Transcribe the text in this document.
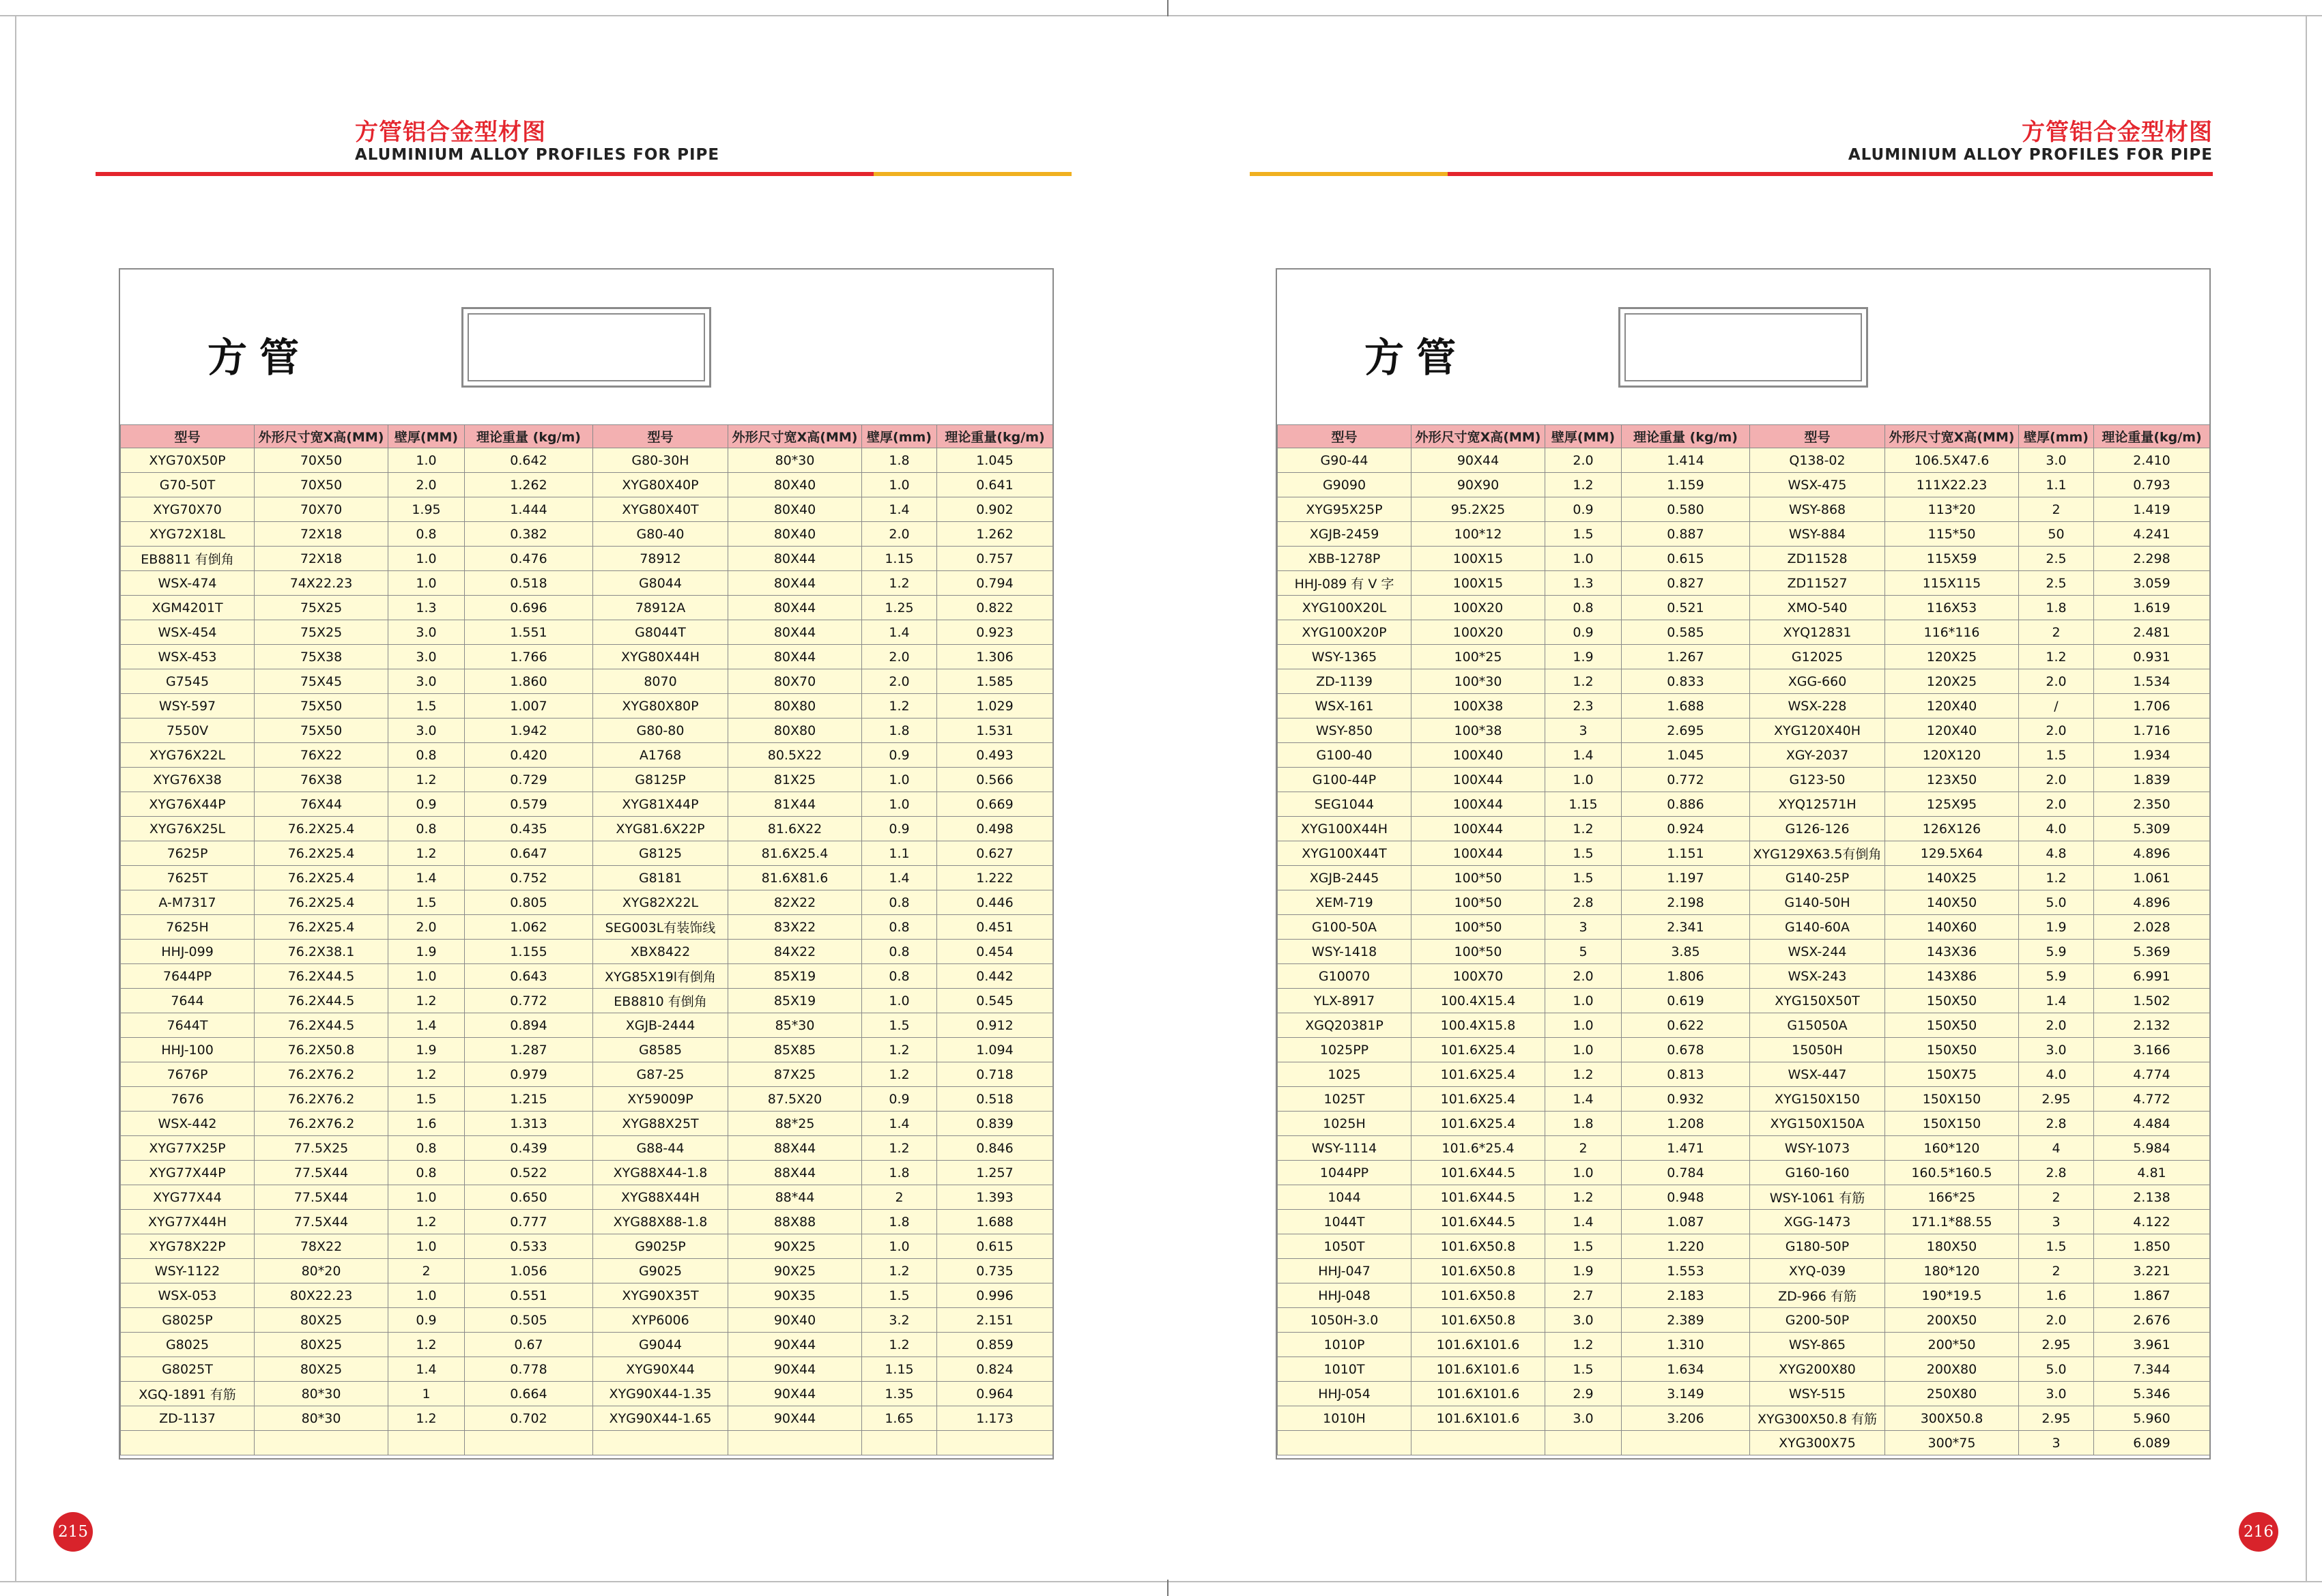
方管铝合金型材图
ALUMINIUM ALLOY PROFILES FOR PIPE
方管
型号	外形尺寸宽X高(MM)	壁厚(MM)	理论重量 (kg/m)	型号	外形尺寸宽X高(MM)	壁厚(mm)	理论重量(kg/m)
XYG70X50P	70X50	1.0	0.642	G80-30H	80*30	1.8	1.045
G70-50T	70X50	2.0	1.262	XYG80X40P	80X40	1.0	0.641
XYG70X70	70X70	1.95	1.444	XYG80X40T	80X40	1.4	0.902
XYG72X18L	72X18	0.8	0.382	G80-40	80X40	2.0	1.262
EB8811 有倒角	72X18	1.0	0.476	78912	80X44	1.15	0.757
WSX-474	74X22.23	1.0	0.518	G8044	80X44	1.2	0.794
XGM4201T	75X25	1.3	0.696	78912A	80X44	1.25	0.822
WSX-454	75X25	3.0	1.551	G8044T	80X44	1.4	0.923
WSX-453	75X38	3.0	1.766	XYG80X44H	80X44	2.0	1.306
G7545	75X45	3.0	1.860	8070	80X70	2.0	1.585
WSY-597	75X50	1.5	1.007	XYG80X80P	80X80	1.2	1.029
7550V	75X50	3.0	1.942	G80-80	80X80	1.8	1.531
XYG76X22L	76X22	0.8	0.420	A1768	80.5X22	0.9	0.493
XYG76X38	76X38	1.2	0.729	G8125P	81X25	1.0	0.566
XYG76X44P	76X44	0.9	0.579	XYG81X44P	81X44	1.0	0.669
XYG76X25L	76.2X25.4	0.8	0.435	XYG81.6X22P	81.6X22	0.9	0.498
7625P	76.2X25.4	1.2	0.647	G8125	81.6X25.4	1.1	0.627
7625T	76.2X25.4	1.4	0.752	G8181	81.6X81.6	1.4	1.222
A-M7317	76.2X25.4	1.5	0.805	XYG82X22L	82X22	0.8	0.446
7625H	76.2X25.4	2.0	1.062	SEG003L有装饰线	83X22	0.8	0.451
HHJ-099	76.2X38.1	1.9	1.155	XBX8422	84X22	0.8	0.454
7644PP	76.2X44.5	1.0	0.643	XYG85X19l有倒角	85X19	0.8	0.442
7644	76.2X44.5	1.2	0.772	EB8810 有倒角	85X19	1.0	0.545
7644T	76.2X44.5	1.4	0.894	XGJB-2444	85*30	1.5	0.912
HHJ-100	76.2X50.8	1.9	1.287	G8585	85X85	1.2	1.094
7676P	76.2X76.2	1.2	0.979	G87-25	87X25	1.2	0.718
7676	76.2X76.2	1.5	1.215	XY59009P	87.5X20	0.9	0.518
WSX-442	76.2X76.2	1.6	1.313	XYG88X25T	88*25	1.4	0.839
XYG77X25P	77.5X25	0.8	0.439	G88-44	88X44	1.2	0.846
XYG77X44P	77.5X44	0.8	0.522	XYG88X44-1.8	88X44	1.8	1.257
XYG77X44	77.5X44	1.0	0.650	XYG88X44H	88*44	2	1.393
XYG77X44H	77.5X44	1.2	0.777	XYG88X88-1.8	88X88	1.8	1.688
XYG78X22P	78X22	1.0	0.533	G9025P	90X25	1.0	0.615
WSY-1122	80*20	2	1.056	G9025	90X25	1.2	0.735
WSX-053	80X22.23	1.0	0.551	XYG90X35T	90X35	1.5	0.996
G8025P	80X25	0.9	0.505	XYP6006	90X40	3.2	2.151
G8025	80X25	1.2	0.67	G9044	90X44	1.2	0.859
G8025T	80X25	1.4	0.778	XYG90X44	90X44	1.15	0.824
XGQ-1891 有筋	80*30	1	0.664	XYG90X44-1.35	90X44	1.35	0.964
ZD-1137	80*30	1.2	0.702	XYG90X44-1.65	90X44	1.65	1.173

215
方管铝合金型材图
ALUMINIUM ALLOY PROFILES FOR PIPE
方管
型号	外形尺寸宽X高(MM)	壁厚(MM)	理论重量 (kg/m)	型号	外形尺寸宽X高(MM)	壁厚(mm)	理论重量(kg/m)
G90-44	90X44	2.0	1.414	Q138-02	106.5X47.6	3.0	2.410
G9090	90X90	1.2	1.159	WSX-475	111X22.23	1.1	0.793
XYG95X25P	95.2X25	0.9	0.580	WSY-868	113*20	2	1.419
XGJB-2459	100*12	1.5	0.887	WSY-884	115*50	50	4.241
XBB-1278P	100X15	1.0	0.615	ZD11528	115X59	2.5	2.298
HHJ-089 有 V 字	100X15	1.3	0.827	ZD11527	115X115	2.5	3.059
XYG100X20L	100X20	0.8	0.521	XMO-540	116X53	1.8	1.619
XYG100X20P	100X20	0.9	0.585	XYQ12831	116*116	2	2.481
WSY-1365	100*25	1.9	1.267	G12025	120X25	1.2	0.931
ZD-1139	100*30	1.2	0.833	XGG-660	120X25	2.0	1.534
WSX-161	100X38	2.3	1.688	WSX-228	120X40	/	1.706
WSY-850	100*38	3	2.695	XYG120X40H	120X40	2.0	1.716
G100-40	100X40	1.4	1.045	XGY-2037	120X120	1.5	1.934
G100-44P	100X44	1.0	0.772	G123-50	123X50	2.0	1.839
SEG1044	100X44	1.15	0.886	XYQ12571H	125X95	2.0	2.350
XYG100X44H	100X44	1.2	0.924	G126-126	126X126	4.0	5.309
XYG100X44T	100X44	1.5	1.151	XYG129X63.5有倒角	129.5X64	4.8	4.896
XGJB-2445	100*50	1.5	1.197	G140-25P	140X25	1.2	1.061
XEM-719	100*50	2.8	2.198	G140-50H	140X50	5.0	4.896
G100-50A	100*50	3	2.341	G140-60A	140X60	1.9	2.028
WSY-1418	100*50	5	3.85	WSX-244	143X36	5.9	5.369
G10070	100X70	2.0	1.806	WSX-243	143X86	5.9	6.991
YLX-8917	100.4X15.4	1.0	0.619	XYG150X50T	150X50	1.4	1.502
XGQ20381P	100.4X15.8	1.0	0.622	G15050A	150X50	2.0	2.132
1025PP	101.6X25.4	1.0	0.678	15050H	150X50	3.0	3.166
1025	101.6X25.4	1.2	0.813	WSX-447	150X75	4.0	4.774
1025T	101.6X25.4	1.4	0.932	XYG150X150	150X150	2.95	4.772
1025H	101.6X25.4	1.8	1.208	XYG150X150A	150X150	2.8	4.484
WSY-1114	101.6*25.4	2	1.471	WSY-1073	160*120	4	5.984
1044PP	101.6X44.5	1.0	0.784	G160-160	160.5*160.5	2.8	4.81
1044	101.6X44.5	1.2	0.948	WSY-1061 有筋	166*25	2	2.138
1044T	101.6X44.5	1.4	1.087	XGG-1473	171.1*88.55	3	4.122
1050T	101.6X50.8	1.5	1.220	G180-50P	180X50	1.5	1.850
HHJ-047	101.6X50.8	1.9	1.553	XYQ-039	180*120	2	3.221
HHJ-048	101.6X50.8	2.7	2.183	ZD-966 有筋	190*19.5	1.6	1.867
1050H-3.0	101.6X50.8	3.0	2.389	G200-50P	200X50	2.0	2.676
1010P	101.6X101.6	1.2	1.310	WSY-865	200*50	2.95	3.961
1010T	101.6X101.6	1.5	1.634	XYG200X80	200X80	5.0	7.344
HHJ-054	101.6X101.6	2.9	3.149	WSY-515	250X80	3.0	5.346
1010H	101.6X101.6	3.0	3.206	XYG300X50.8 有筋	300X50.8	2.95	5.960
				XYG300X75	300*75	3	6.089
216
